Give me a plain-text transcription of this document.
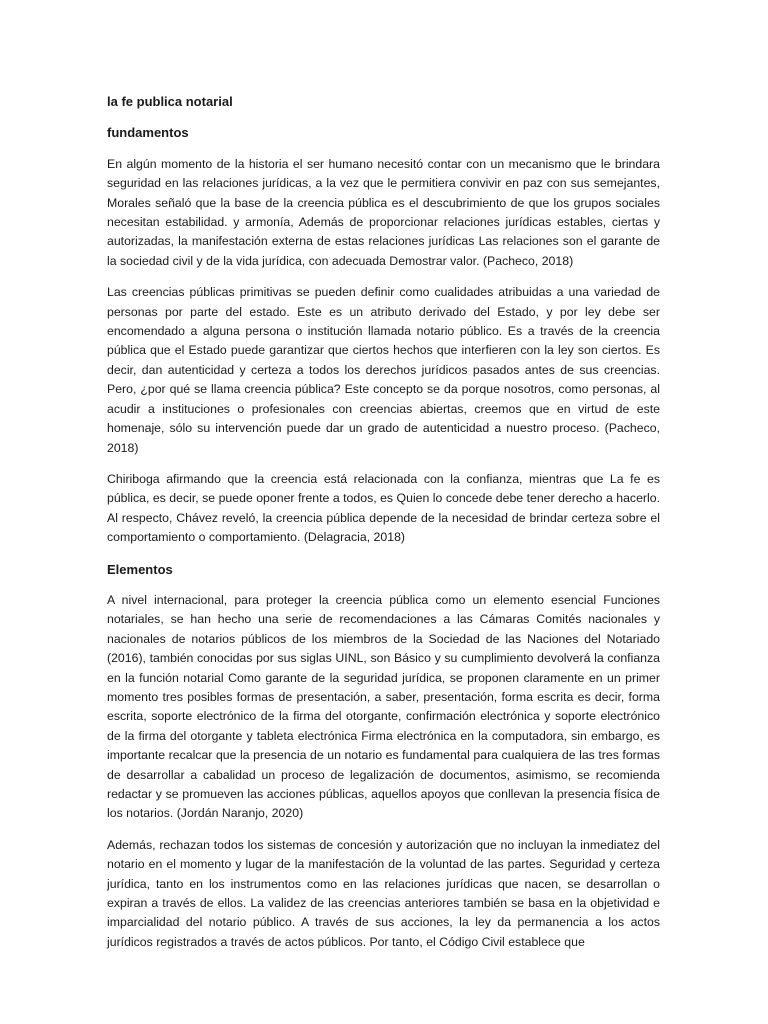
la fe publica notarial

fundamentos

En algún momento de la historia el ser humano necesitó contar con un mecanismo que le brindara seguridad en las relaciones jurídicas, a la vez que le permitiera convivir en paz con sus semejantes, Morales señaló que la base de la creencia pública es el descubrimiento de que los grupos sociales necesitan estabilidad. y armonía, Además de proporcionar relaciones jurídicas estables, ciertas y autorizadas, la manifestación externa de estas relaciones jurídicas Las relaciones son el garante de la sociedad civil y de la vida jurídica, con adecuada Demostrar valor. (Pacheco, 2018)

Las creencias públicas primitivas se pueden definir como cualidades atribuidas a una variedad de personas por parte del estado. Este es un atributo derivado del Estado, y por ley debe ser encomendado a alguna persona o institución llamada notario público. Es a través de la creencia pública que el Estado puede garantizar que ciertos hechos que interfieren con la ley son ciertos. Es decir, dan autenticidad y certeza a todos los derechos jurídicos pasados antes de sus creencias. Pero, ¿por qué se llama creencia pública? Este concepto se da porque nosotros, como personas, al acudir a instituciones o profesionales con creencias abiertas, creemos que en virtud de este homenaje, sólo su intervención puede dar un grado de autenticidad a nuestro proceso. (Pacheco, 2018)

Chiriboga afirmando que la creencia está relacionada con la confianza, mientras que La fe es pública, es decir, se puede oponer frente a todos, es Quien lo concede debe tener derecho a hacerlo. Al respecto, Chávez reveló, la creencia pública depende de la necesidad de brindar certeza sobre el comportamiento o comportamiento. (Delagracia, 2018)

Elementos

A nivel internacional, para proteger la creencia pública como un elemento esencial Funciones notariales, se han hecho una serie de recomendaciones a las Cámaras Comités nacionales y nacionales de notarios públicos de los miembros de la Sociedad de las Naciones del Notariado (2016), también conocidas por sus siglas UINL, son Básico y su cumplimiento devolverá la confianza en la función notarial Como garante de la seguridad jurídica, se proponen claramente en un primer momento tres posibles formas de presentación, a saber, presentación, forma escrita es decir, forma escrita, soporte electrónico de la firma del otorgante, confirmación electrónica y soporte electrónico de la firma del otorgante y tableta electrónica Firma electrónica en la computadora, sin embargo, es importante recalcar que la presencia de un notario es fundamental para cualquiera de las tres formas de desarrollar a cabalidad un proceso de legalización de documentos, asimismo, se recomienda redactar y se promueven las acciones públicas, aquellos apoyos que conllevan la presencia física de los notarios. (Jordán Naranjo, 2020)

Además, rechazan todos los sistemas de concesión y autorización que no incluyan la inmediatez del notario en el momento y lugar de la manifestación de la voluntad de las partes. Seguridad y certeza jurídica, tanto en los instrumentos como en las relaciones jurídicas que nacen, se desarrollan o expiran a través de ellos. La validez de las creencias anteriores también se basa en la objetividad e imparcialidad del notario público. A través de sus acciones, la ley da permanencia a los actos jurídicos registrados a través de actos públicos. Por tanto, el Código Civil establece que
